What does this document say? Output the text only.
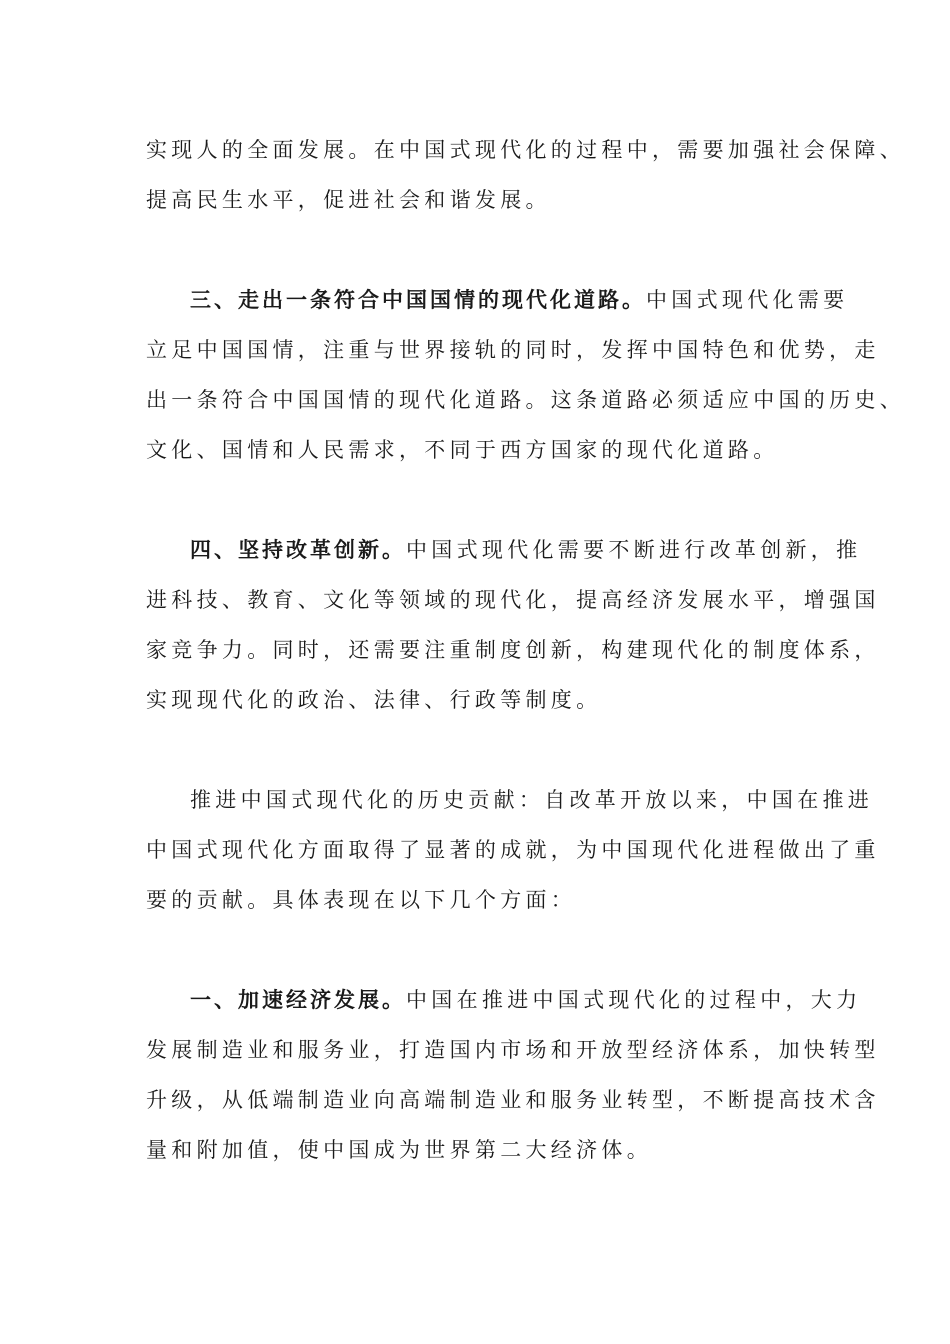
实现人的全面发展。在中国式现代化的过程中，需要加强社会保障、
提高民生水平，促进社会和谐发展。
三、走出一条符合中国国情的现代化道路。中国式现代化需要
立足中国国情，注重与世界接轨的同时，发挥中国特色和优势，走
出一条符合中国国情的现代化道路。这条道路必须适应中国的历史、
文化、国情和人民需求，不同于西方国家的现代化道路。
四、坚持改革创新。中国式现代化需要不断进行改革创新，推
进科技、教育、文化等领域的现代化，提高经济发展水平，增强国
家竞争力。同时，还需要注重制度创新，构建现代化的制度体系，
实现现代化的政治、法律、行政等制度。
推进中国式现代化的历史贡献：自改革开放以来，中国在推进
中国式现代化方面取得了显著的成就，为中国现代化进程做出了重
要的贡献。具体表现在以下几个方面：
一、加速经济发展。中国在推进中国式现代化的过程中，大力
发展制造业和服务业，打造国内市场和开放型经济体系，加快转型
升级，从低端制造业向高端制造业和服务业转型，不断提高技术含
量和附加值，使中国成为世界第二大经济体。
